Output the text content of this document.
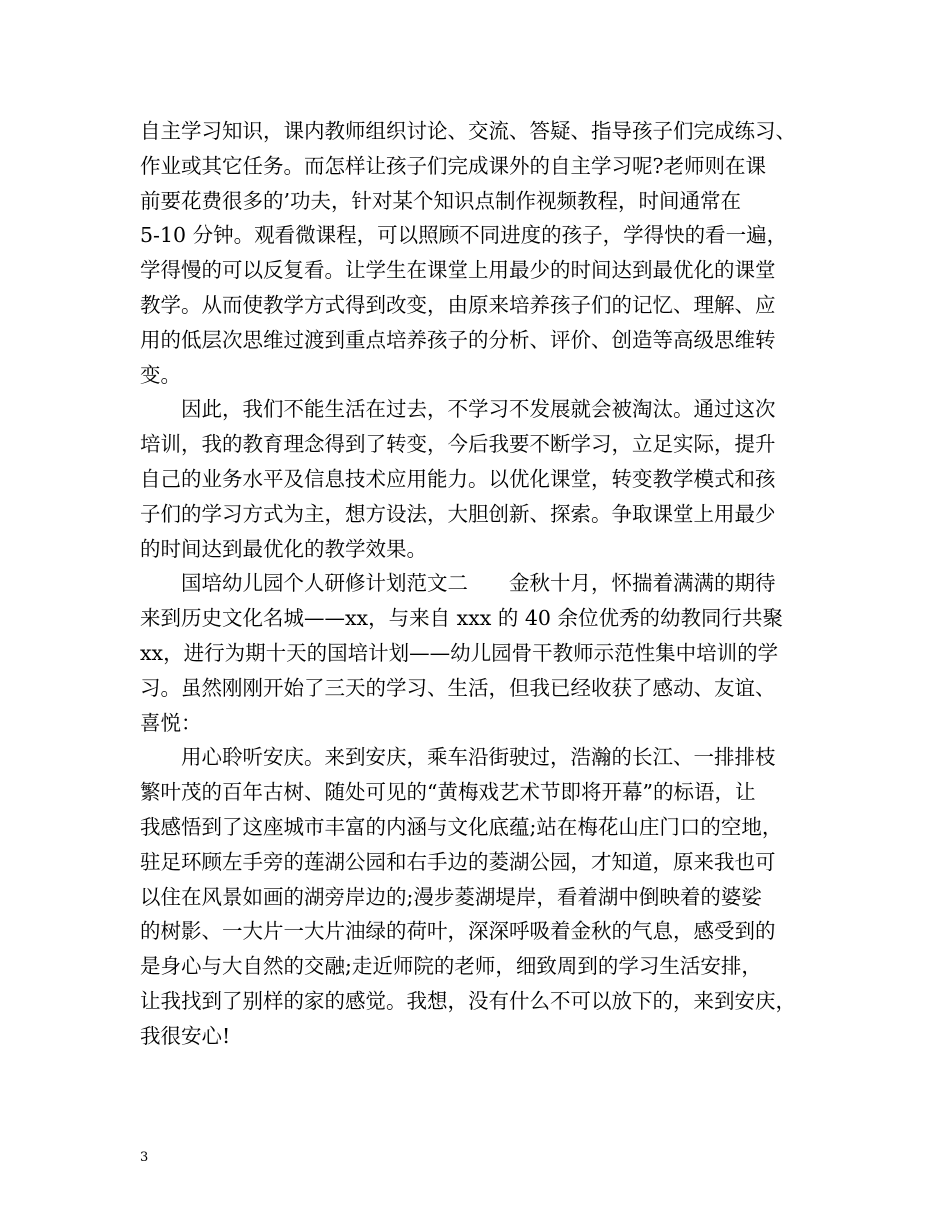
自主学习知识，课内教师组织讨论、交流、答疑、指导孩子们完成练习、
作业或其它任务。而怎样让孩子们完成课外的自主学习呢?老师则在课
前要花费很多的’功夫，针对某个知识点制作视频教程，时间通常在
5-10 分钟。观看微课程，可以照顾不同进度的孩子，学得快的看一遍，
学得慢的可以反复看。让学生在课堂上用最少的时间达到最优化的课堂
教学。从而使教学方式得到改变，由原来培养孩子们的记忆、理解、应
用的低层次思维过渡到重点培养孩子的分析、评价、创造等高级思维转
变。
因此，我们不能生活在过去，不学习不发展就会被淘汰。通过这次
培训，我的教育理念得到了转变，今后我要不断学习，立足实际，提升
自己的业务水平及信息技术应用能力。以优化课堂，转变教学模式和孩
子们的学习方式为主，想方设法，大胆创新、探索。争取课堂上用最少
的时间达到最优化的教学效果。
国培幼儿园个人研修计划范文二　　金秋十月，怀揣着满满的期待
来到历史文化名城——xx，与来自 xxx 的 40 余位优秀的幼教同行共聚
xx，进行为期十天的国培计划——幼儿园骨干教师示范性集中培训的学
习。虽然刚刚开始了三天的学习、生活，但我已经收获了感动、友谊、
喜悦：
用心聆听安庆。来到安庆，乘车沿街驶过，浩瀚的长江、一排排枝
繁叶茂的百年古树、随处可见的“黄梅戏艺术节即将开幕”的标语，让
我感悟到了这座城市丰富的内涵与文化底蕴;站在梅花山庄门口的空地，
驻足环顾左手旁的莲湖公园和右手边的菱湖公园，才知道，原来我也可
以住在风景如画的湖旁岸边的;漫步菱湖堤岸，看着湖中倒映着的婆娑
的树影、一大片一大片油绿的荷叶，深深呼吸着金秋的气息，感受到的
是身心与大自然的交融;走近师院的老师，细致周到的学习生活安排，
让我找到了别样的家的感觉。我想，没有什么不可以放下的，来到安庆，
我很安心!
3
